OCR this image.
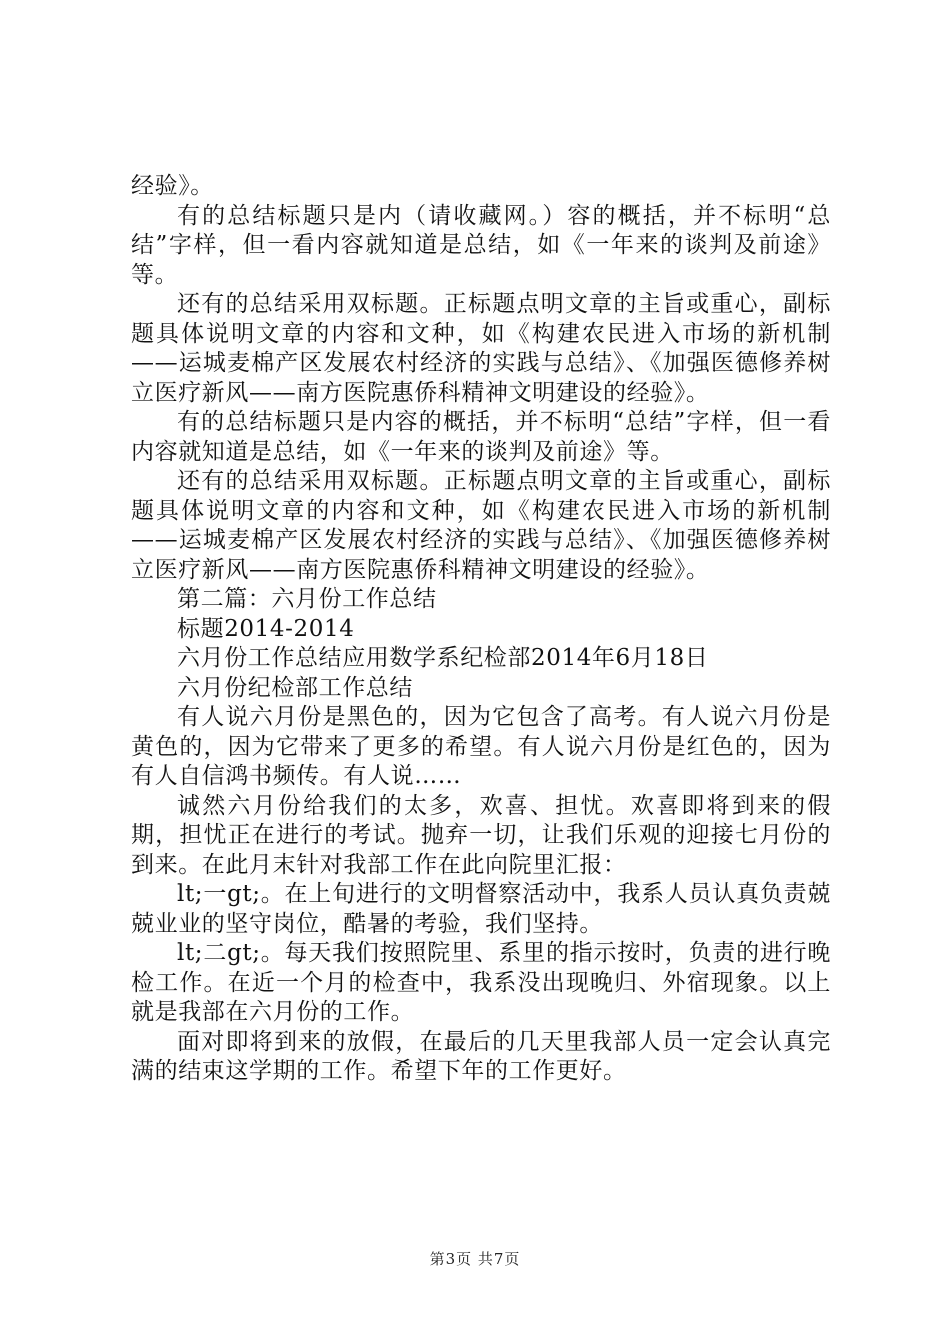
经验》。

有的总结标题只是内（请收藏网。）容的概括，并不标明“总结”字样，但一看内容就知道是总结，如《一年来的谈判及前途》等。

还有的总结采用双标题。正标题点明文章的主旨或重心，副标题具体说明文章的内容和文种，如《构建农民进入市场的新机制——运城麦棉产区发展农村经济的实践与总结》、《加强医德修养树立医疗新风——南方医院惠侨科精神文明建设的经验》。

有的总结标题只是内容的概括，并不标明“总结”字样，但一看内容就知道是总结，如《一年来的谈判及前途》等。

还有的总结采用双标题。正标题点明文章的主旨或重心，副标题具体说明文章的内容和文种，如《构建农民进入市场的新机制——运城麦棉产区发展农村经济的实践与总结》、《加强医德修养树立医疗新风——南方医院惠侨科精神文明建设的经验》。

第二篇：六月份工作总结

标题2014-2014

六月份工作总结应用数学系纪检部2014年6月18日

六月份纪检部工作总结

有人说六月份是黑色的，因为它包含了高考。有人说六月份是黄色的，因为它带来了更多的希望。有人说六月份是红色的，因为有人自信鸿书频传。有人说……

诚然六月份给我们的太多，欢喜、担忧。欢喜即将到来的假期，担忧正在进行的考试。抛弃一切，让我们乐观的迎接七月份的到来。在此月末针对我部工作在此向院里汇报：

lt;一gt;。在上旬进行的文明督察活动中，我系人员认真负责兢兢业业的坚守岗位，酷暑的考验，我们坚持。

lt;二gt;。每天我们按照院里、系里的指示按时，负责的进行晚检工作。在近一个月的检查中，我系没出现晚归、外宿现象。以上就是我部在六月份的工作。

面对即将到来的放假，在最后的几天里我部人员一定会认真完满的结束这学期的工作。希望下年的工作更好。

第3页 共7页
